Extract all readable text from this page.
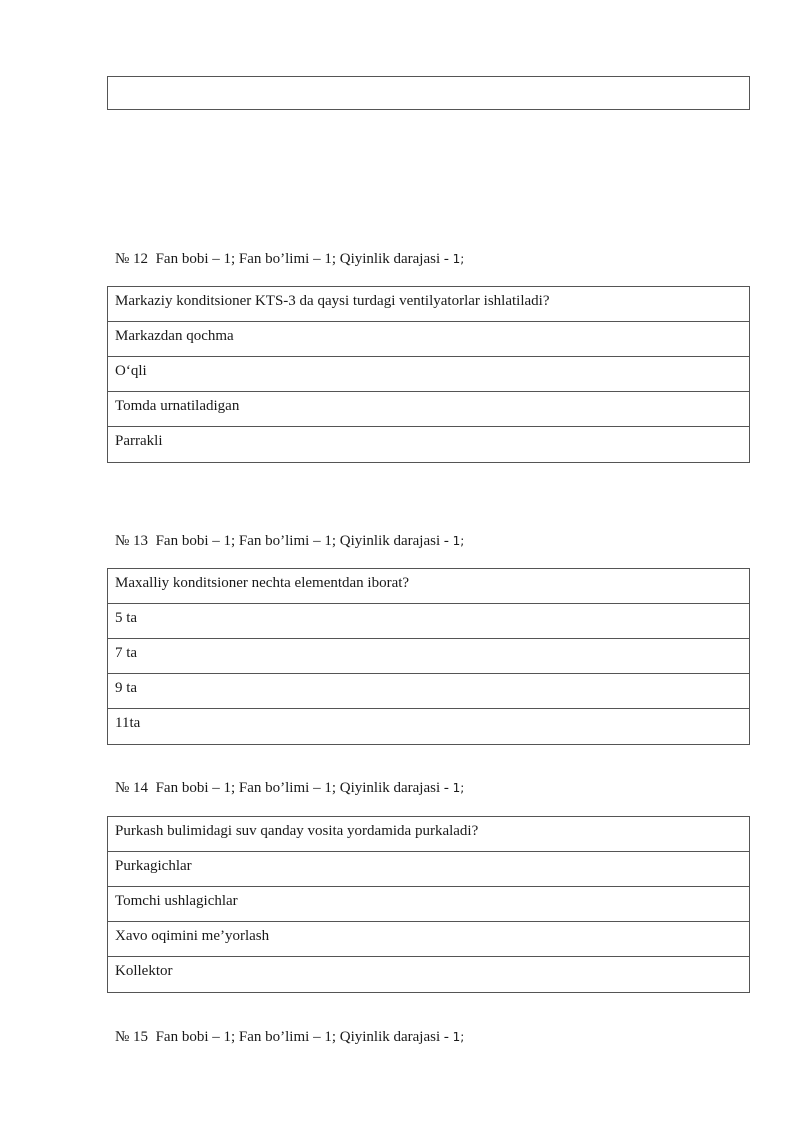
№ 12 Fan bobi – 1; Fan bo’limi – 1; Qiyinlik darajasi - 1;
Markaziy konditsioner KTS-3 da qaysi turdagi ventilyatorlar ishlatiladi?
Markazdan qochma
O‘qli
Tomda urnatiladigan
Parrakli
№ 13 Fan bobi – 1; Fan bo’limi – 1; Qiyinlik darajasi - 1;
Maxalliy konditsioner nechta elementdan iborat?
5 ta
7 ta
9 ta
11ta
№ 14 Fan bobi – 1; Fan bo’limi – 1; Qiyinlik darajasi - 1;
Purkash bulimidagi suv qanday vosita yordamida purkaladi?
Purkagichlar
Tomchi ushlagichlar
Xavo oqimini me’yorlash
Kollektor
№ 15 Fan bobi – 1; Fan bo’limi – 1; Qiyinlik darajasi - 1;
